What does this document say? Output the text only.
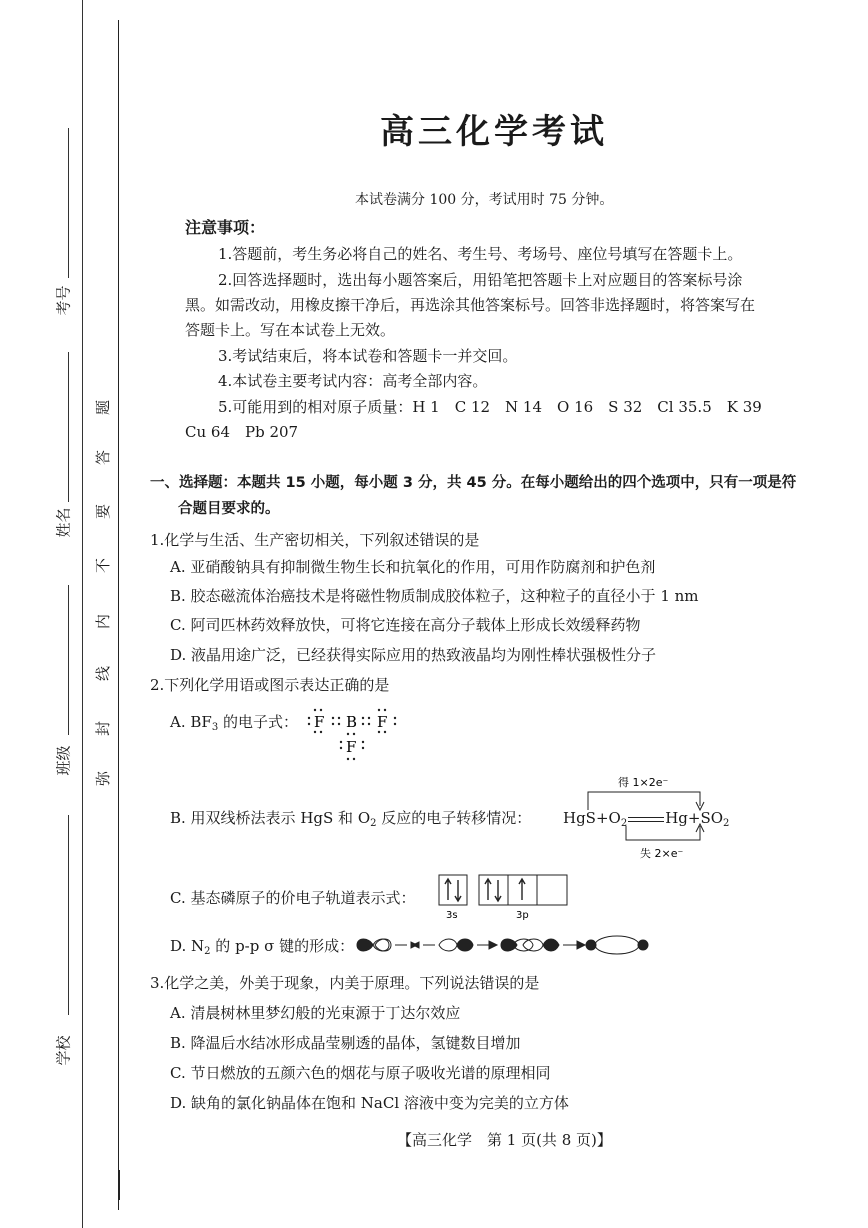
考号
姓名
班级
学校
题
答
要
不
内
线
封
弥
高三化学考试
本试卷满分 100 分，考试用时 75 分钟。
注意事项：
1.答题前，考生务必将自己的姓名、考生号、考场号、座位号填写在答题卡上。
2.回答选择题时，选出每小题答案后，用铅笔把答题卡上对应题目的答案标号涂
黑。如需改动，用橡皮擦干净后，再选涂其他答案标号。回答非选择题时，将答案写在
答题卡上。写在本试卷上无效。
3.考试结束后，将本试卷和答题卡一并交回。
4.本试卷主要考试内容：高考全部内容。
5.可能用到的相对原子质量：H 1　C 12　N 14　O 16　S 32　Cl 35.5　K 39
Cu 64　Pb 207
一、选择题：本题共 15 小题，每小题 3 分，共 45 分。在每小题给出的四个选项中，只有一项是符
合题目要求的。
1.化学与生活、生产密切相关，下列叙述错误的是
A. 亚硝酸钠具有抑制微生物生长和抗氧化的作用，可用作防腐剂和护色剂
B. 胶态磁流体治癌技术是将磁性物质制成胶体粒子，这种粒子的直径小于 1 nm
C. 阿司匹林药效释放快，可将它连接在高分子载体上形成长效缓释药物
D. 液晶用途广泛，已经获得实际应用的热致液晶均为刚性棒状强极性分子
2.下列化学用语或图示表达正确的是
A. $BF_3$ 的电子式： F B F
F
B. 用双线桥法表示 HgS 和 $O_2$ 反应的电子转移情况：
得 1×2e⁻
失 2×e⁻
$HgS+O_2$	$Hg+SO_2$
C. 基态磷原子的价电子轨道表示式：
3s	3p
D. $N_2$ 的 p-p σ 键的形成：
3.化学之美，外美于现象，内美于原理。下列说法错误的是
A. 清晨树林里梦幻般的光束源于丁达尔效应
B. 降温后水结冰形成晶莹剔透的晶体，氢键数目增加
C. 节日燃放的五颜六色的烟花与原子吸收光谱的原理相同
D. 缺角的氯化钠晶体在饱和 NaCl 溶液中变为完美的立方体
【高三化学　第 1 页(共 8 页)】
